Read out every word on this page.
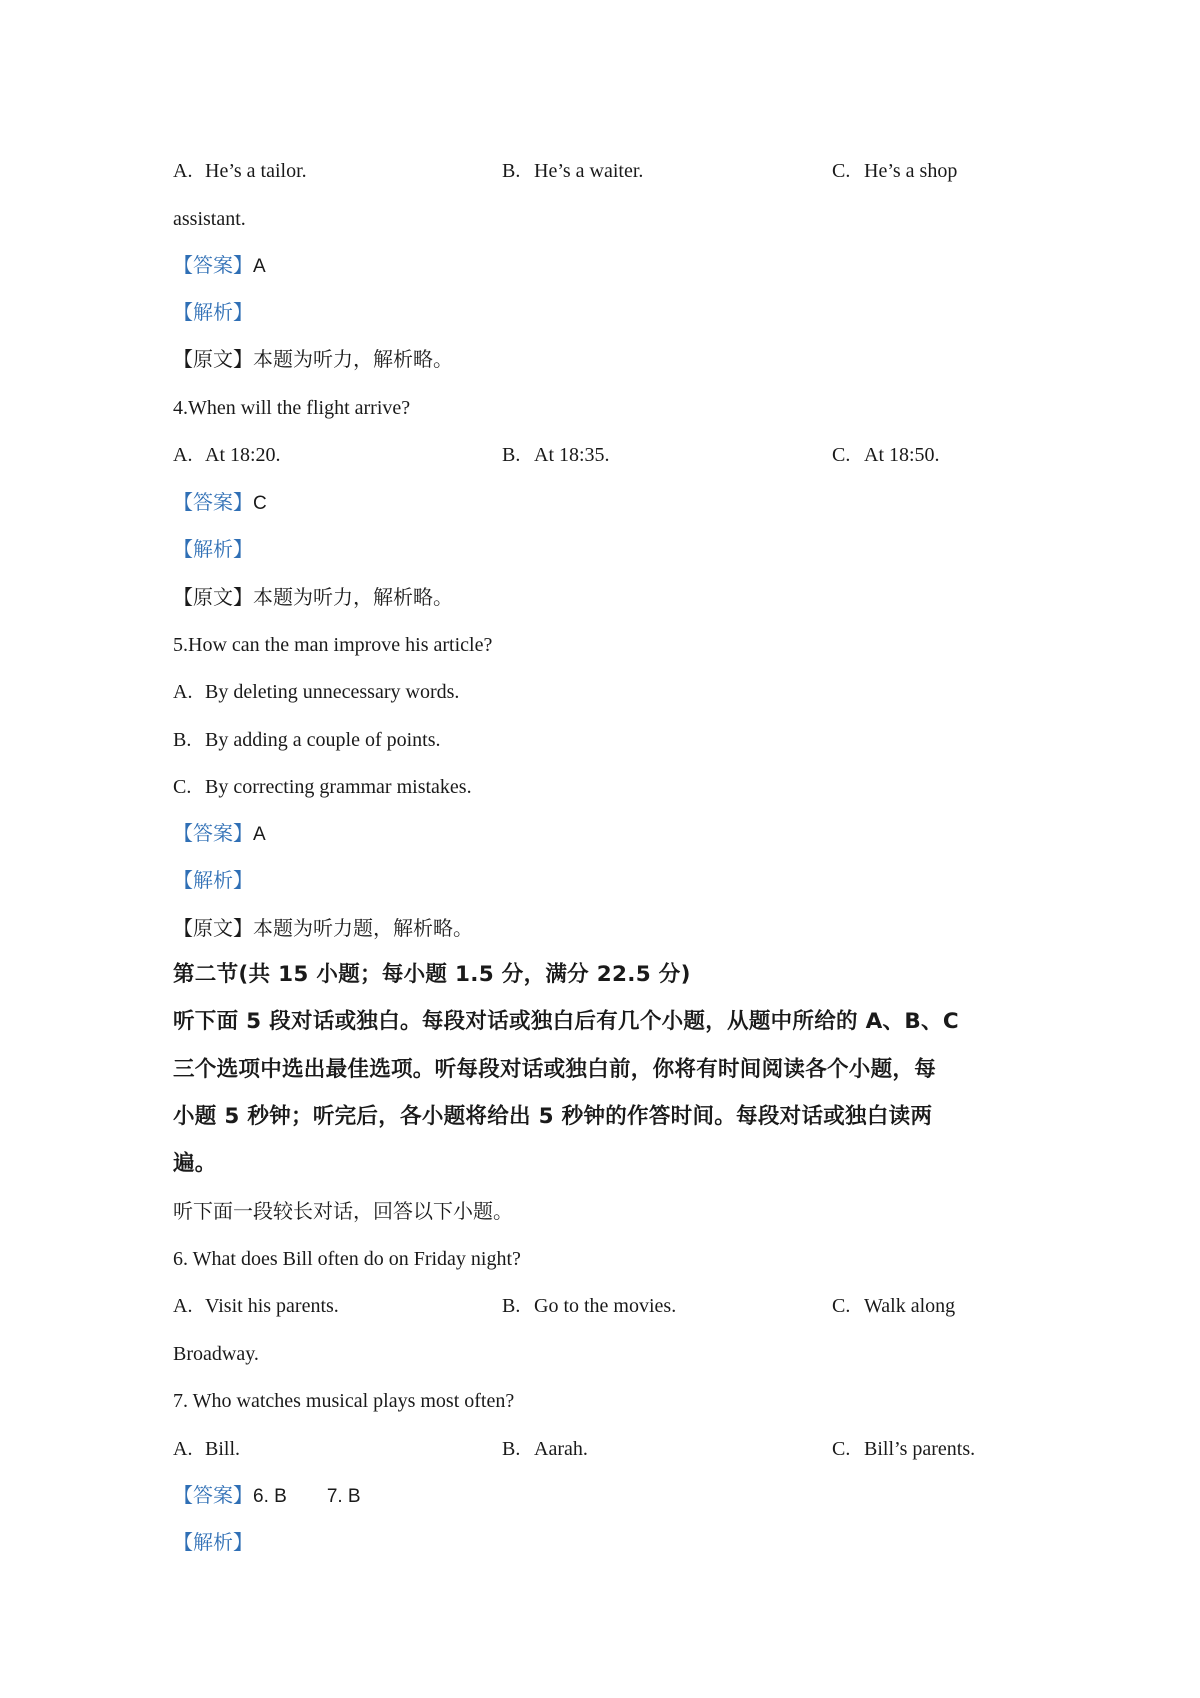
A. He’s a tailor.	B. He’s a waiter.	C. He’s a shop
assistant.
【答案】A
【解析】
【原文】本题为听力，解析略。
4.When will the flight arrive?
A. At 18:20.	B. At 18:35.	C. At 18:50.
【答案】C
【解析】
【原文】本题为听力，解析略。
5.How can the man improve his article?
A. By deleting unnecessary words.
B. By adding a couple of points.
C. By correcting grammar mistakes.
【答案】A
【解析】
【原文】本题为听力题，解析略。
第二节(共 15 小题；每小题 1.5 分，满分 22.5 分)
听下面 5 段对话或独白。每段对话或独白后有几个小题，从题中所给的 A、B、C
三个选项中选出最佳选项。听每段对话或独白前，你将有时间阅读各个小题，每
小题 5 秒钟；听完后，各小题将给出 5 秒钟的作答时间。每段对话或独白读两
遍。
听下面一段较长对话，回答以下小题。
6. What does Bill often do on Friday night?
A. Visit his parents.	B. Go to the movies.	C. Walk along
Broadway.
7. Who watches musical plays most often?
A. Bill.	B. Aarah.	C. Bill’s parents.
【答案】6. B 7. B
【解析】
